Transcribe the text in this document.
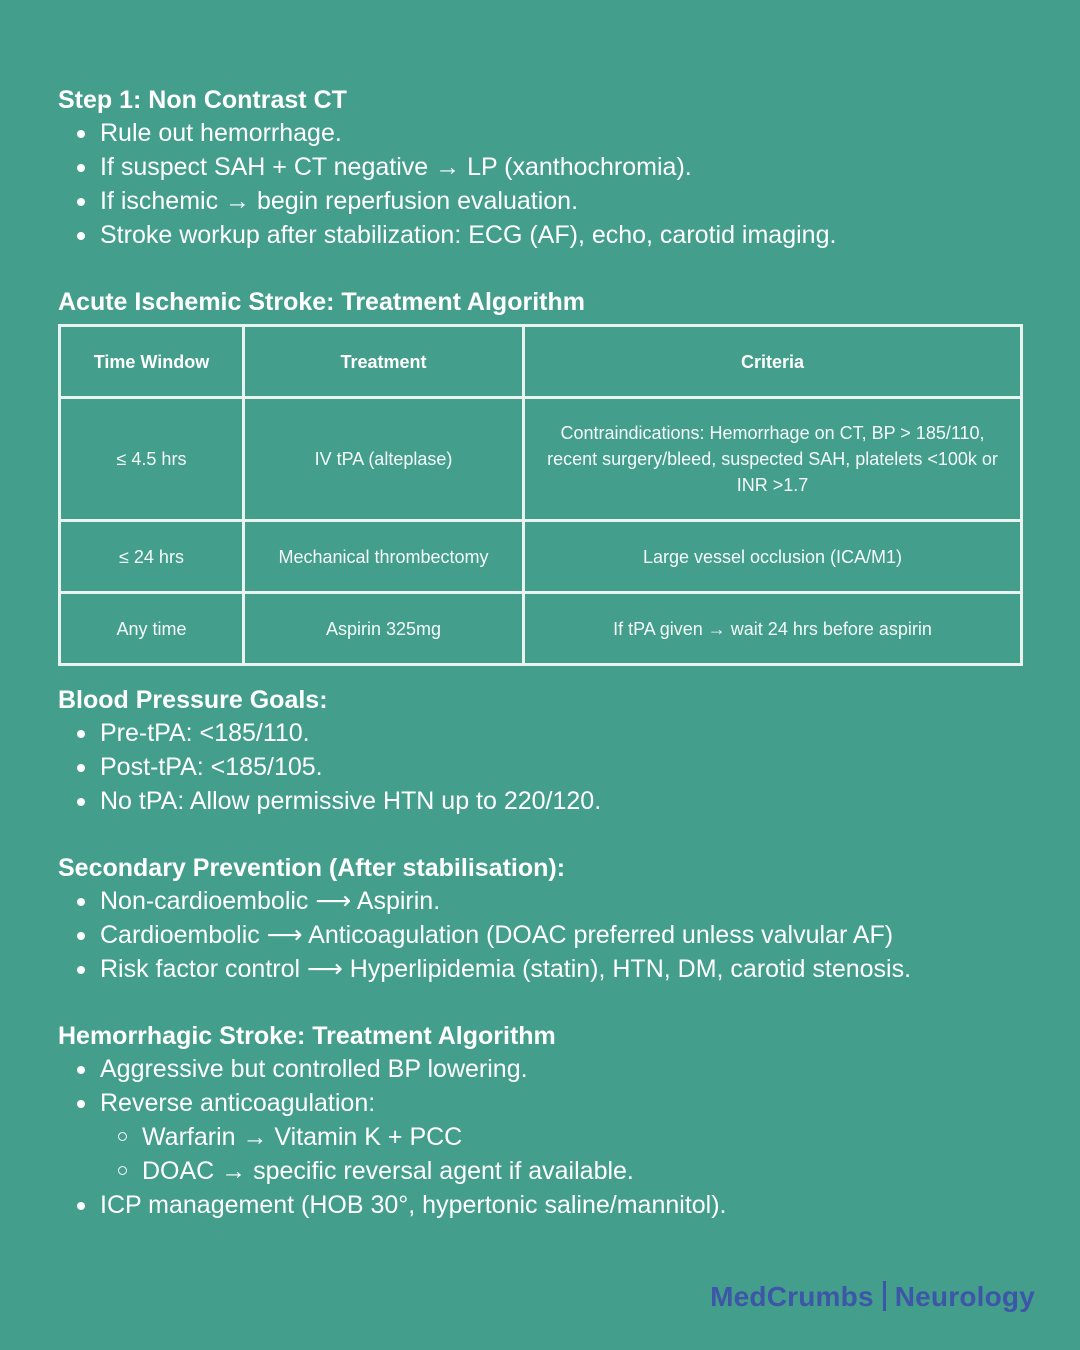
Step 1: Non Contrast CT
Rule out hemorrhage.
If suspect SAH + CT negative → LP (xanthochromia).
If ischemic → begin reperfusion evaluation.
Stroke workup after stabilization: ECG (AF), echo, carotid imaging.
Acute Ischemic Stroke: Treatment Algorithm
Time Window	Treatment	Criteria
≤ 4.5 hrs	IV tPA (alteplase)	Contraindications: Hemorrhage on CT, BP > 185/110, recent surgery/bleed, suspected SAH, platelets <100k or INR >1.7
≤ 24 hrs	Mechanical thrombectomy	Large vessel occlusion (ICA/M1)
Any time	Aspirin 325mg	If tPA given → wait 24 hrs before aspirin
Blood Pressure Goals:
Pre-tPA: <185/110.
Post-tPA: <185/105.
No tPA: Allow permissive HTN up to 220/120.
Secondary Prevention (After stabilisation):
Non-cardioembolic ⟶ Aspirin.
Cardioembolic ⟶ Anticoagulation (DOAC preferred unless valvular AF)
Risk factor control ⟶ Hyperlipidemia (statin), HTN, DM, carotid stenosis.
Hemorrhagic Stroke: Treatment Algorithm
Aggressive but controlled BP lowering.
Reverse anticoagulation:
Warfarin → Vitamin K + PCC
DOAC → specific reversal agent if available.
ICP management (HOB 30°, hypertonic saline/mannitol).
MedCrumbs Neurology
